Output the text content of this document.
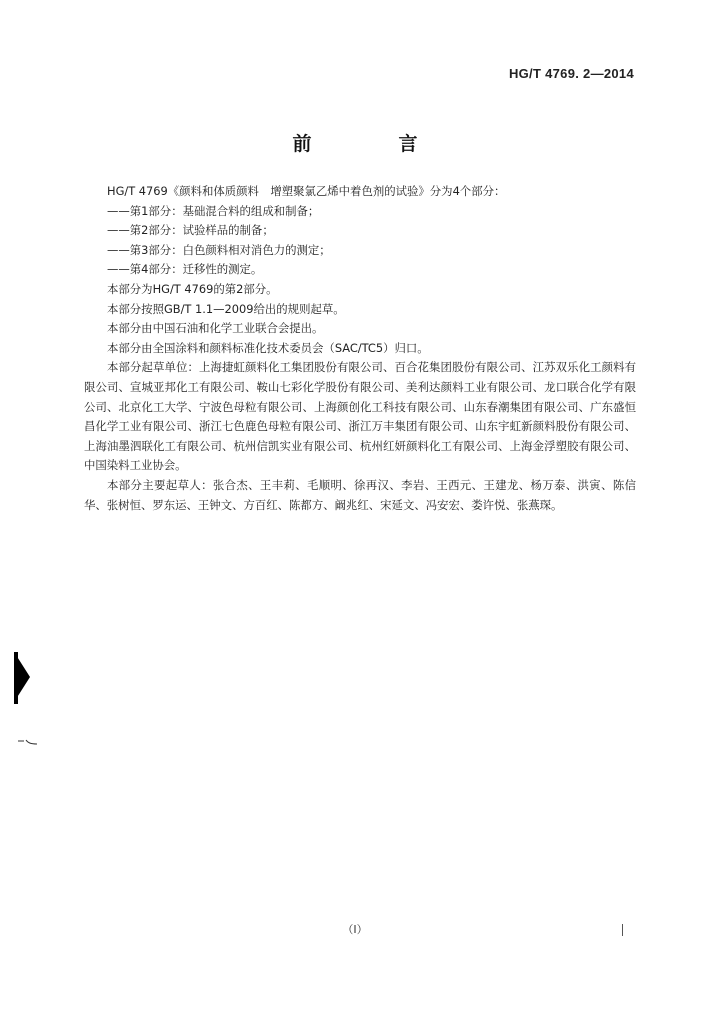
HG/T 4769. 2—2014
前　言

HG/T 4769《颜料和体质颜料　增塑聚氯乙烯中着色剂的试验》分为4个部分：

——第1部分：基础混合料的组成和制备；

——第2部分：试验样品的制备；

——第3部分：白色颜料相对消色力的测定；

——第4部分：迁移性的测定。

本部分为HG/T 4769的第2部分。

本部分按照GB/T 1.1—2009给出的规则起草。

本部分由中国石油和化学工业联合会提出。

本部分由全国涂料和颜料标准化技术委员会（SAC/TC5）归口。

本部分起草单位：上海捷虹颜料化工集团股份有限公司、百合花集团股份有限公司、江苏双乐化工颜料有限公司、宣城亚邦化工有限公司、鞍山七彩化学股份有限公司、美利达颜料工业有限公司、龙口联合化学有限公司、北京化工大学、宁波色母粒有限公司、上海颜创化工科技有限公司、山东春潮集团有限公司、广东盛恒昌化学工业有限公司、浙江七色鹿色母粒有限公司、浙江万丰集团有限公司、山东宇虹新颜料股份有限公司、上海油墨泗联化工有限公司、杭州信凯实业有限公司、杭州红妍颜料化工有限公司、上海金浮塑胶有限公司、中国染料工业协会。

本部分主要起草人：张合杰、王丰莉、毛顺明、徐再汉、李岩、王西元、王建龙、杨万泰、洪寅、陈信华、张树恒、罗东运、王钟文、方百红、陈都方、阚兆红、宋延文、冯安宏、娄许悦、张燕琛。

（I）
